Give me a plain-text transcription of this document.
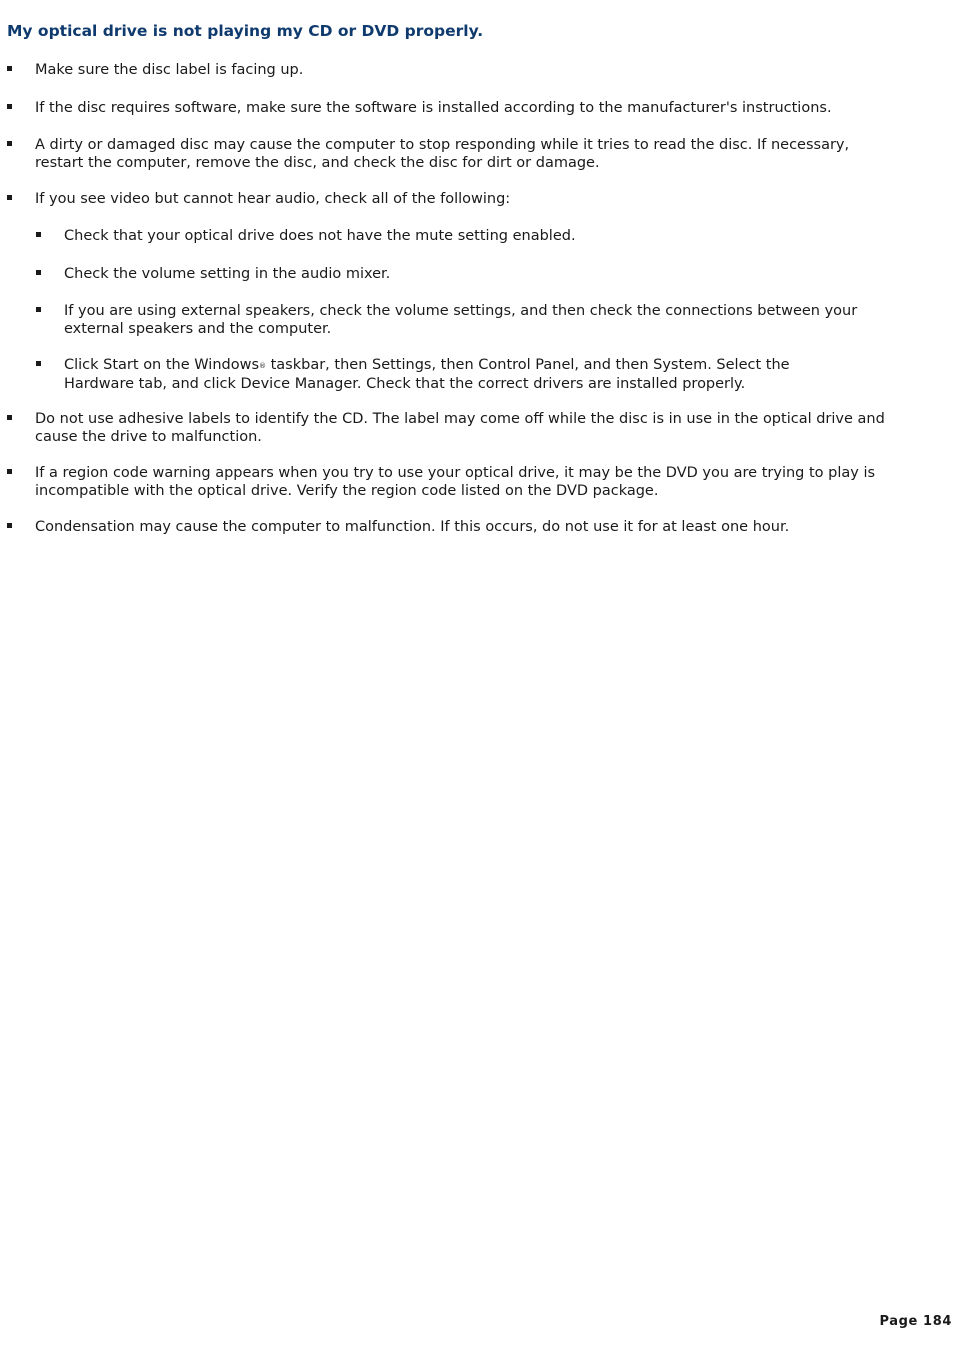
My optical drive is not playing my CD or DVD properly.
Make sure the disc label is facing up.
If the disc requires software, make sure the software is installed according to the manufacturer's instructions.
A dirty or damaged disc may cause the computer to stop responding while it tries to read the disc. If necessary, restart the computer, remove the disc, and check the disc for dirt or damage.
If you see video but cannot hear audio, check all of the following:
Check that your optical drive does not have the mute setting enabled.
Check the volume setting in the audio mixer.
If you are using external speakers, check the volume settings, and then check the connections between your external speakers and the computer.
Click Start on the Windows® taskbar, then Settings, then Control Panel, and then System. Select the Hardware tab, and click Device Manager. Check that the correct drivers are installed properly.
Do not use adhesive labels to identify the CD. The label may come off while the disc is in use in the optical drive and cause the drive to malfunction.
If a region code warning appears when you try to use your optical drive, it may be the DVD you are trying to play is incompatible with the optical drive. Verify the region code listed on the DVD package.
Condensation may cause the computer to malfunction. If this occurs, do not use it for at least one hour.
Page 184
